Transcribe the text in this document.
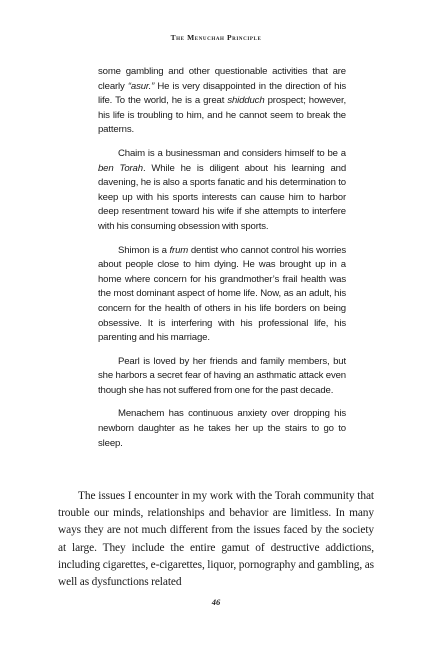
The Menuchah Principle

some gambling and other questionable activities that are clearly “asur.” He is very disappointed in the direction of his life. To the world, he is a great shidduch prospect; however, his life is troubling to him, and he cannot seem to break the patterns.

Chaim is a businessman and considers himself to be a ben Torah. While he is diligent about his learning and davening, he is also a sports fanatic and his determination to keep up with his sports interests can cause him to harbor deep resentment toward his wife if she attempts to interfere with his consuming obsession with sports.

Shimon is a frum dentist who cannot control his worries about people close to him dying. He was brought up in a home where concern for his grandmother’s frail health was the most dominant aspect of home life. Now, as an adult, his concern for the health of others in his life borders on being obsessive. It is interfering with his professional life, his parenting and his marriage.

Pearl is loved by her friends and family members, but she harbors a secret fear of having an asthmatic attack even though she has not suffered from one for the past decade.

Menachem has continuous anxiety over dropping his newborn daughter as he takes her up the stairs to go to sleep.

The issues I encounter in my work with the Torah community that trouble our minds, relationships and behavior are limitless. In many ways they are not much different from the issues faced by the society at large. They include the entire gamut of destructive addictions, including cigarettes, e-cigarettes, liquor, pornography and gambling, as well as dysfunctions related

46
